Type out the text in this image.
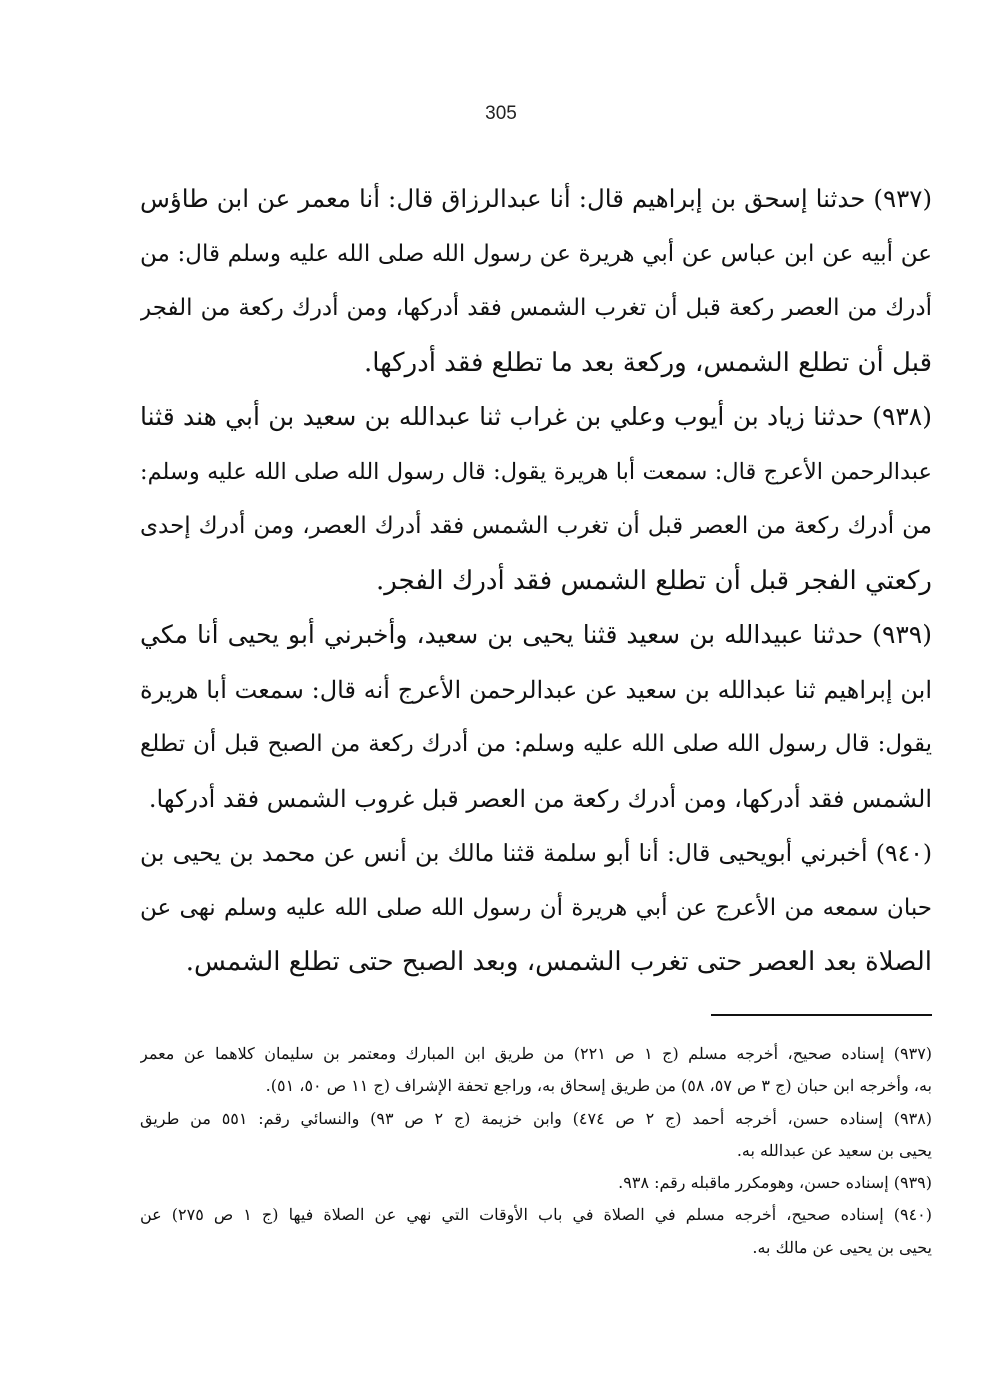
305
(٩٣٧) حدثنا إسحق بن إبراهيم قال: أنا عبدالرزاق قال: أنا معمر عن ابن طاؤس
عن أبيه عن ابن عباس عن أبي هريرة عن رسول الله صلى الله عليه وسلم قال: من
أدرك من العصر ركعة قبل أن تغرب الشمس فقد أدركها، ومن أدرك ركعة من الفجر
قبل أن تطلع الشمس، وركعة بعد ما تطلع فقد أدركها.
(٩٣٨) حدثنا زياد بن أيوب وعلي بن غراب ثنا عبدالله بن سعيد بن أبي هند قثنا
عبدالرحمن الأعرج قال: سمعت أبا هريرة يقول: قال رسول الله صلى الله عليه وسلم:
من أدرك ركعة من العصر قبل أن تغرب الشمس فقد أدرك العصر، ومن أدرك إحدى
ركعتي الفجر قبل أن تطلع الشمس فقد أدرك الفجر.
(٩٣٩) حدثنا عبيدالله بن سعيد قثنا يحيى بن سعيد، وأخبرني أبو يحيى أنا مكي
ابن إبراهيم ثنا عبدالله بن سعيد عن عبدالرحمن الأعرج أنه قال: سمعت أبا هريرة
يقول: قال رسول الله صلى الله عليه وسلم: من أدرك ركعة من الصبح قبل أن تطلع
الشمس فقد أدركها، ومن أدرك ركعة من العصر قبل غروب الشمس فقد أدركها.
(٩٤٠) أخبرني أبويحيى قال: أنا أبو سلمة قثنا مالك بن أنس عن محمد بن يحيى بن
حبان سمعه من الأعرج عن أبي هريرة أن رسول الله صلى الله عليه وسلم نهى عن
الصلاة بعد العصر حتى تغرب الشمس، وبعد الصبح حتى تطلع الشمس.
(٩٣٧) إسناده صحيح، أخرجه مسلم (ج ١ ص ٢٢١) من طريق ابن المبارك ومعتمر بن سليمان كلاهما عن معمر
به، وأخرجه ابن حبان (ج ٣ ص ٥٧، ٥٨) من طريق إسحاق به، وراجع تحفة الإشراف (ج ١١ ص ٥٠، ٥١).
(٩٣٨) إسناده حسن، أخرجه أحمد (ج ٢ ص ٤٧٤) وابن خزيمة (ج ٢ ص ٩٣) والنسائي رقم: ٥٥١ من طريق
يحيى بن سعيد عن عبدالله به.
(٩٣٩) إسناده حسن، وهومكرر ماقبله رقم: ٩٣٨.
(٩٤٠) إسناده صحيح، أخرجه مسلم في الصلاة في باب الأوقات التي نهي عن الصلاة فيها (ج ١ ص ٢٧٥) عن
يحيى بن يحيى عن مالك به.
